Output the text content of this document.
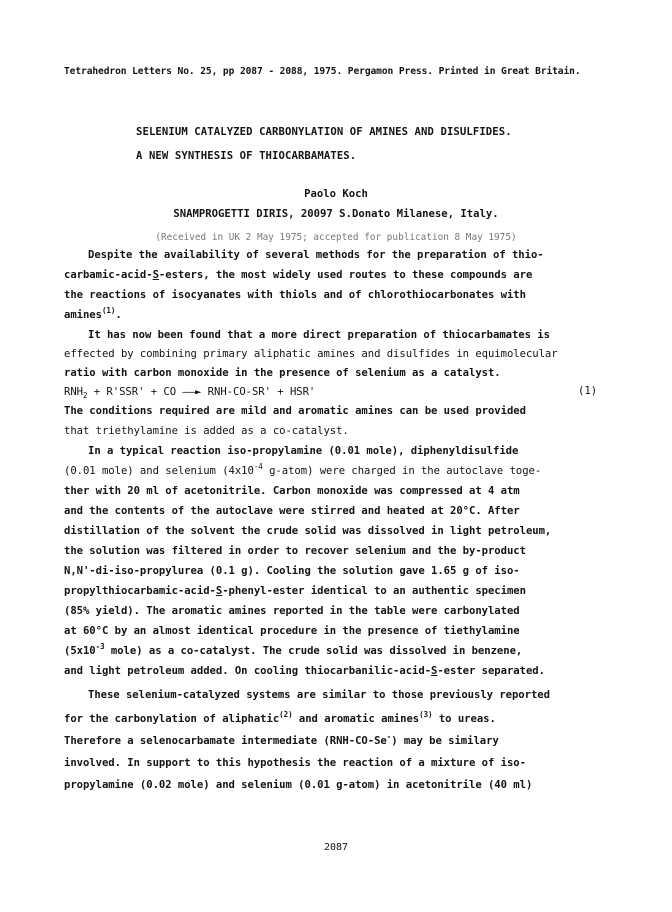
Tetrahedron Letters No. 25, pp 2087 - 2088, 1975. Pergamon Press. Printed in Great Britain.
SELENIUM CATALYZED CARBONYLATION OF AMINES AND DISULFIDES.
A NEW SYNTHESIS OF THIOCARBAMATES.
Paolo Koch
SNAMPROGETTI DIRIS, 20097 S.Donato Milanese, Italy.
(Received in UK 2 May 1975; accepted for publication 8 May 1975)
Despite the availability of several methods for the preparation of thio-
carbamic-acid-S-esters, the most widely used routes to these compounds are
the reactions of isocyanates with thiols and of chlorothiocarbonates with
amines$^{(1)}$.
It has now been found that a more direct preparation of thiocarbamates is
effected by combining primary aliphatic amines and disulfides in equimolecular
ratio with carbon monoxide in the presence of selenium as a catalyst.
$RNH_2 + R'SSR'$ + CO ——► RNH-CO-SR' + HSR'	(1)
The conditions required are mild and aromatic amines can be used provided
that triethylamine is added as a co-catalyst.
In a typical reaction iso-propylamine (0.01 mole), diphenyldisulfide
(0.01 mole) and selenium ($4x10^{-4}$ g-atom) were charged in the autoclave toge-
ther with 20 ml of acetonitrile. Carbon monoxide was compressed at 4 atm
and the contents of the autoclave were stirred and heated at 20°C. After
distillation of the solvent the crude solid was dissolved in light petroleum,
the solution was filtered in order to recover selenium and the by-product
N,N'-di-iso-propylurea (0.1 g). Cooling the solution gave 1.65 g of iso-
propylthiocarbamic-acid-S-phenyl-ester identical to an authentic specimen
(85% yield). The aromatic amines reported in the table were carbonylated
at 60°C by an almost identical procedure in the presence of tiethylamine
($5x10^{-3}$ mole) as a co-catalyst. The crude solid was dissolved in benzene,
and light petroleum added. On cooling thiocarbanilic-acid-S-ester separated.
These selenium-catalyzed systems are similar to those previously reported
for the carbonylation of aliphatic$^{(2)}$ and aromatic amines$^{(3)}$ to ureas.
Therefore a selenocarbamate intermediate (RNH-CO-Se-) may be similary
involved. In support to this hypothesis the reaction of a mixture of iso-
propylamine (0.02 mole) and selenium (0.01 g-atom) in acetonitrile (40 ml)
2087
